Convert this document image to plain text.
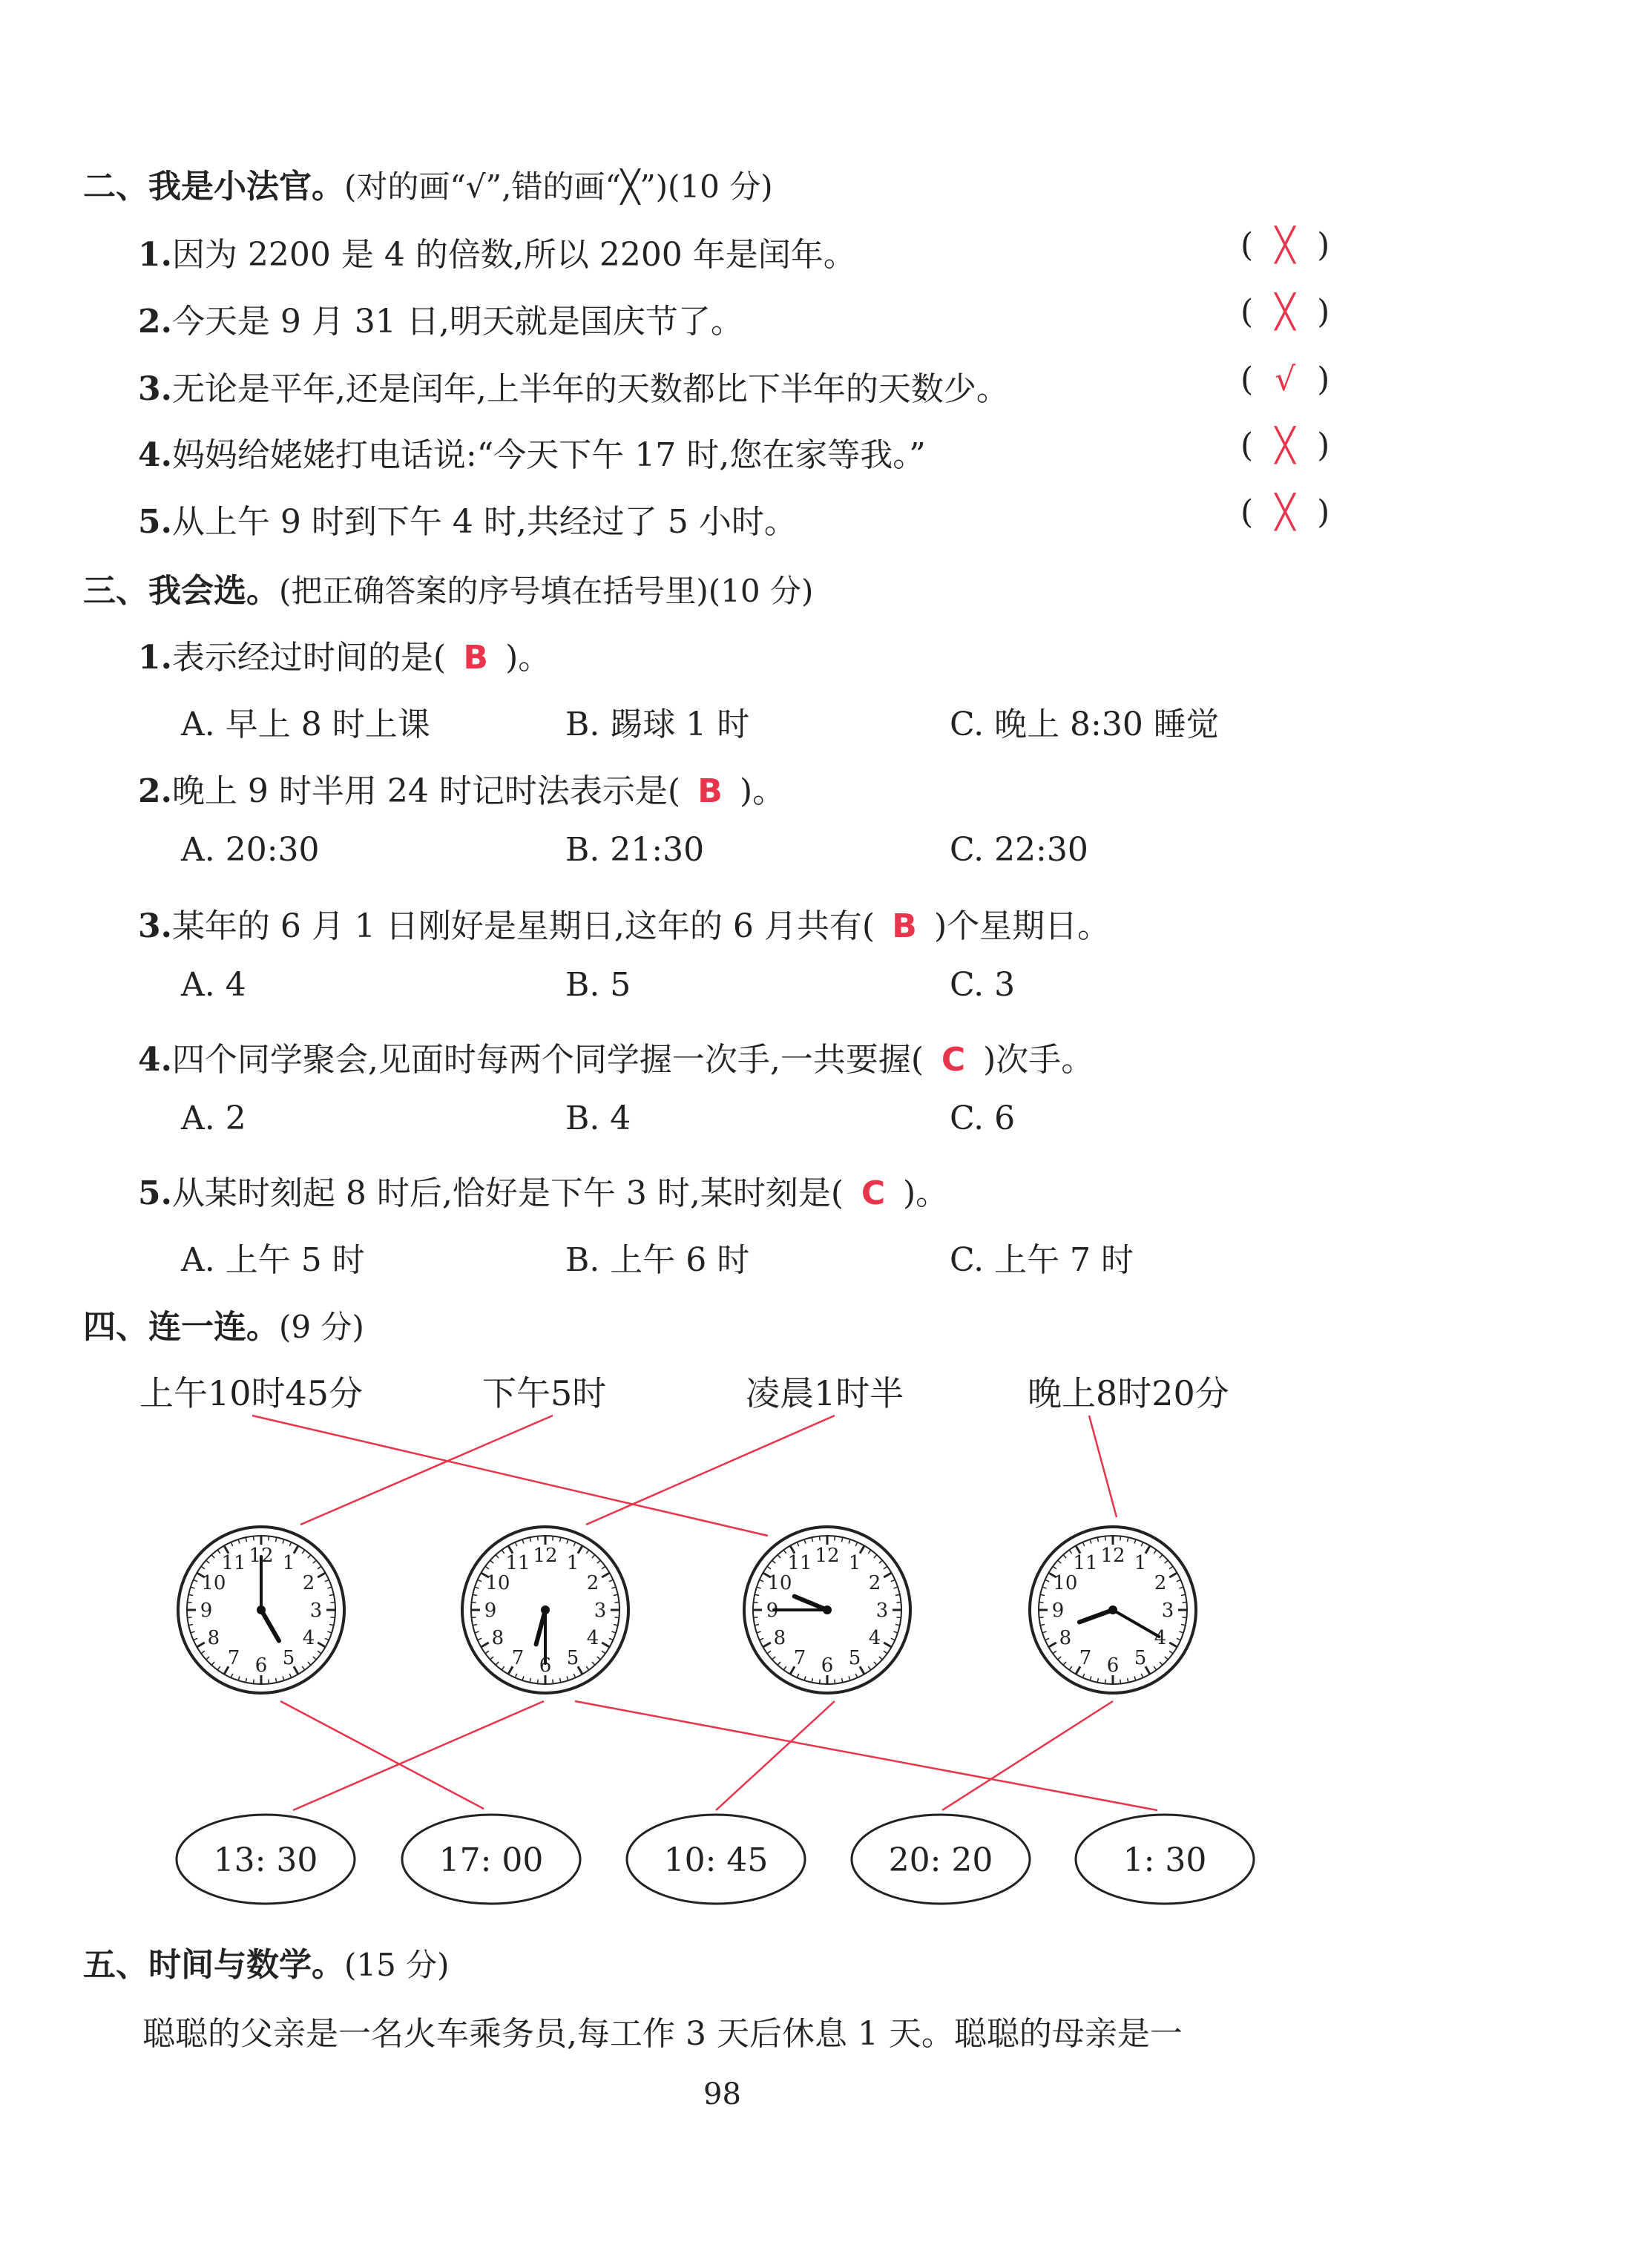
二、我是小法官。(对的画“√”,错的画“╳”)(10 分)
1.因为 2200 是 4 的倍数,所以 2200 年是闰年。	( ╳ )
2.今天是 9 月 31 日,明天就是国庆节了。	( ╳ )
3.无论是平年,还是闰年,上半年的天数都比下半年的天数少。	( √ )
4.妈妈给姥姥打电话说:“今天下午 17 时,您在家等我。”	( ╳ )
5.从上午 9 时到下午 4 时,共经过了 5 小时。	( ╳ )
三、我会选。(把正确答案的序号填在括号里)(10 分)
1.表示经过时间的是( B )。
A. 早上 8 时上课	B. 踢球 1 时	C. 晚上 8:30 睡觉
2.晚上 9 时半用 24 时记时法表示是( B )。
A. 20:30	B. 21:30	C. 22:30
3.某年的 6 月 1 日刚好是星期日,这年的 6 月共有( B )个星期日。
A. 4	B. 5	C. 3
4.四个同学聚会,见面时每两个同学握一次手,一共要握( C )次手。
A. 2	B. 4	C. 6
5.从某时刻起 8 时后,恰好是下午 3 时,某时刻是( C )。
A. 上午 5 时	B. 上午 6 时	C. 上午 7 时
四、连一连。(9 分)
上午10时45分	下午5时	凌晨1时半	晚上8时20分
12 1
2
3
4
5
6
7
8
9
10
11	12 1
2
3
4
5
6
7
8
9
10
11	12 1
2
3
4
5
6
7
8
9
10
11	12 1
2
3
4
5
6
7
8
9
10
11
13: 30	17: 00	10: 45	20: 20	1: 30
五、时间与数学。(15 分)
聪聪的父亲是一名火车乘务员,每工作 3 天后休息 1 天。聪聪的母亲是一
98
